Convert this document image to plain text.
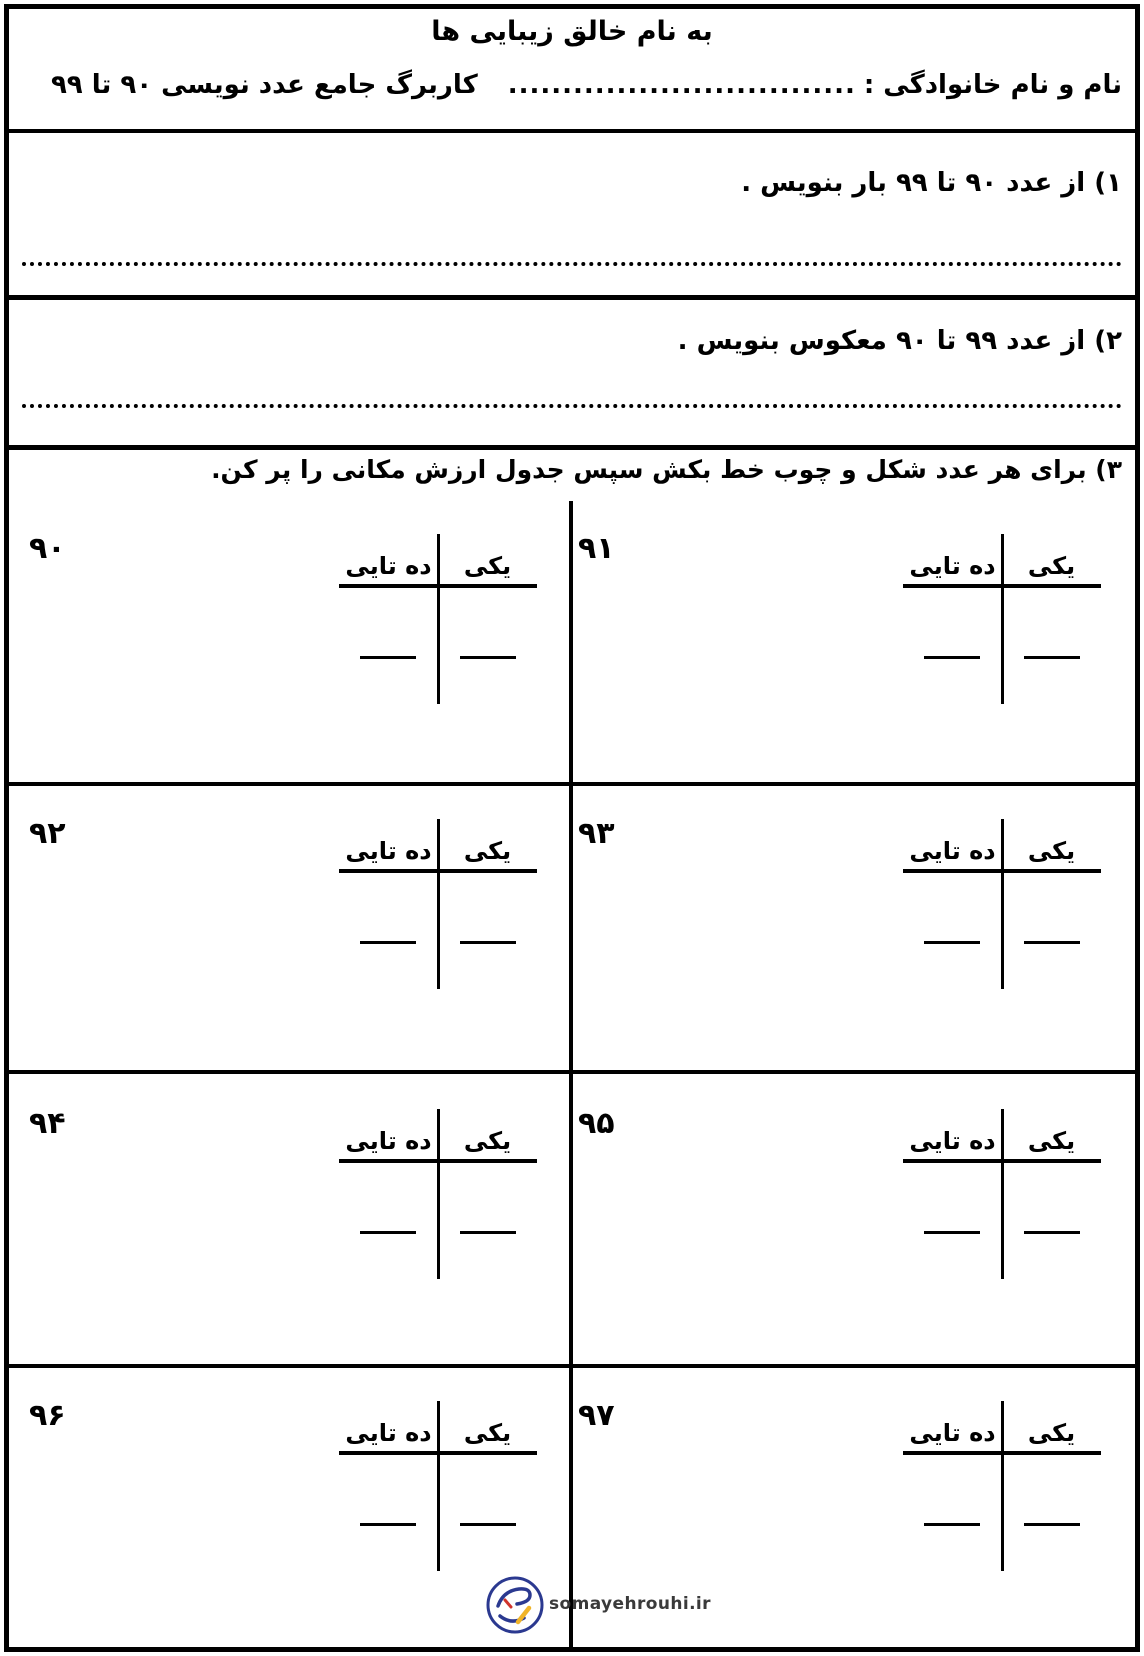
به نام خالق زیبایی ها
نام و نام خانوادگی :
................................
کاربرگ جامع عدد نویسی ۹۰ تا ۹۹
۱) از عدد ۹۰ تا ۹۹ بار بنویس .
۲) از عدد ۹۹ تا ۹۰ معکوس بنویس .
۳) برای هر عدد شکل و چوب خط بکش سپس جدول ارزش مکانی را پر کن.
۹۰	ده تایی	یکی	۹۱	ده تایی	یکی
۹۲	ده تایی	یکی	۹۳	ده تایی	یکی
۹۴	ده تایی	یکی	۹۵	ده تایی	یکی
۹۶	ده تایی	یکی	۹۷	ده تایی	یکی
somayehrouhi.ir
